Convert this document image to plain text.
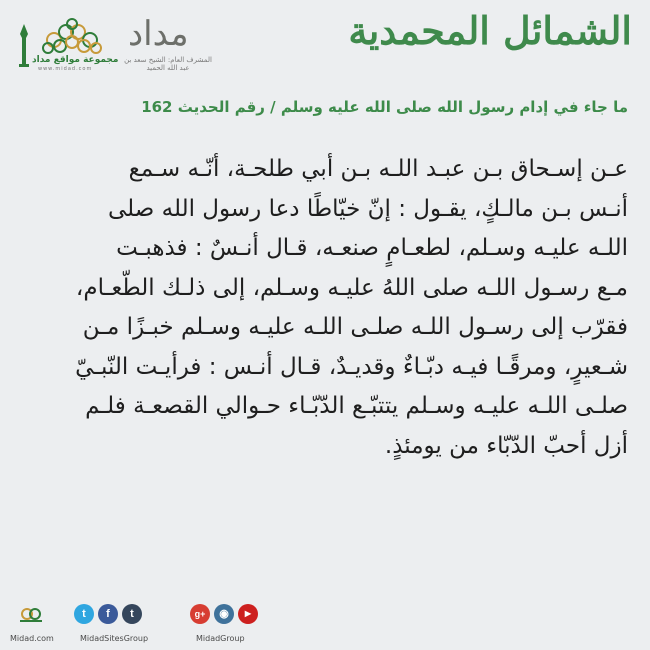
مجموعة مواقع مداد
www.midad.com
مداد
المشرف العام: الشيخ سعد بن عبد الله الحميد
الشمائل المحمدية
ما جاء في إدام رسول الله صلى الله عليه وسلم / رقم الحديث 162
عـن إسـحاق بـن عبـد اللـه بـن أبي طلحـة، أنّـه سـمع
أنـس بـن مالـكٍ، يقـول : إنّ خيّاطًا دعا رسول الله صلى
اللـه عليـه وسـلم، لطعـامٍ صنعـه، قـال أنـسٌ : فذهبـت
مـع رسـول اللـه صلى اللهُ عليـه وسـلم، إلى ذلـك الطّعـام،
فقرّب إلى رسـول اللـه صلـى اللـه عليـه وسـلم خبـزًا مـن
شـعيرٍ، ومرقًـا فيـه دبّـاءٌ وقديـدٌ، قـال أنـس : فرأيـت النّبـيّ
صلـى اللـه عليـه وسـلم يتتبّـع الدّبّـاء حـوالي القصعـة فلـم
أزل أحبّ الدّبّاء من يومئذٍ.
Midad.com
t	f	t
MidadSitesGroup
g+	◉	▶
MidadGroup
